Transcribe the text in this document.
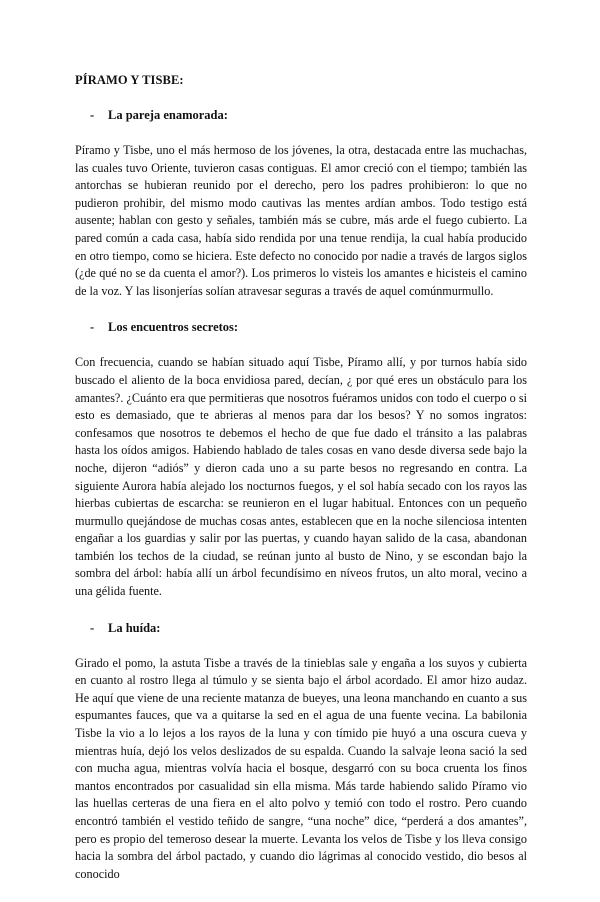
PÍRAMO Y TISBE:
-	La pareja enamorada:

Píramo y Tisbe, uno el más hermoso de los jóvenes, la otra, destacada entre las muchachas, las cuales tuvo Oriente, tuvieron casas contiguas. El amor creció con el tiempo; también las antorchas se hubieran reunido por el derecho, pero los padres prohibieron: lo que no pudieron prohibir, del mismo modo cautivas las mentes ardían ambos. Todo testigo está ausente; hablan con gesto y señales, también más se cubre, más arde el fuego cubierto. La pared común a cada casa, había sido rendida por una tenue rendija, la cual había producido en otro tiempo, como se hiciera. Este defecto no conocido por nadie a través de largos siglos (¿de qué no se da cuenta el amor?). Los primeros lo visteis los amantes e hicisteis el camino de la voz. Y las lisonjerías solían atravesar seguras a través de aquel comúnmurmullo.

-	Los encuentros secretos:

Con frecuencia, cuando se habían situado aquí Tisbe, Píramo allí, y por turnos había sido buscado el aliento de la boca envidiosa pared, decían, ¿ por qué eres un obstáculo para los amantes?. ¿Cuánto era que permitieras que nosotros fuéramos unidos con todo el cuerpo o si esto es demasiado, que te abrieras al menos para dar los besos? Y no somos ingratos: confesamos que nosotros te debemos el hecho de que fue dado el tránsito a las palabras hasta los oídos amigos. Habiendo hablado de tales cosas en vano desde diversa sede bajo la noche, dijeron “adiós” y dieron cada uno a su parte besos no regresando en contra. La siguiente Aurora había alejado los nocturnos fuegos, y el sol había secado con los rayos las hierbas cubiertas de escarcha: se reunieron en el lugar habitual. Entonces con un pequeño murmullo quejándose de muchas cosas antes, establecen que en la noche silenciosa intenten engañar a los guardias y salir por las puertas, y cuando hayan salido de la casa, abandonan también los techos de la ciudad, se reúnan junto al busto de Nino, y se escondan bajo la sombra del árbol: había allí un árbol fecundísimo en níveos frutos, un alto moral, vecino a una gélida fuente.

-	La huída:

Girado el pomo, la astuta Tisbe a través de la tinieblas sale y engaña a los suyos y cubierta en cuanto al rostro llega al túmulo y se sienta bajo el árbol acordado. El amor hizo audaz. He aquí que viene de una reciente matanza de bueyes, una leona manchando en cuanto a sus espumantes fauces, que va a quitarse la sed en el agua de una fuente vecina. La babilonia Tisbe la vio a lo lejos a los rayos de la luna y con tímido pie huyó a una oscura cueva y mientras huía, dejó los velos deslizados de su espalda. Cuando la salvaje leona sació la sed con mucha agua, mientras volvía hacia el bosque, desgarró con su boca cruenta los finos mantos encontrados por casualidad sin ella misma. Más tarde habiendo salido Píramo vio las huellas certeras de una fiera en el alto polvo y temió con todo el rostro. Pero cuando encontró también el vestido teñido de sangre, “una noche” dice, “perderá a dos amantes”, pero es propio del temeroso desear la muerte. Levanta los velos de Tisbe y los lleva consigo hacia la sombra del árbol pactado, y cuando dio lágrimas al conocido vestido, dio besos al conocido
